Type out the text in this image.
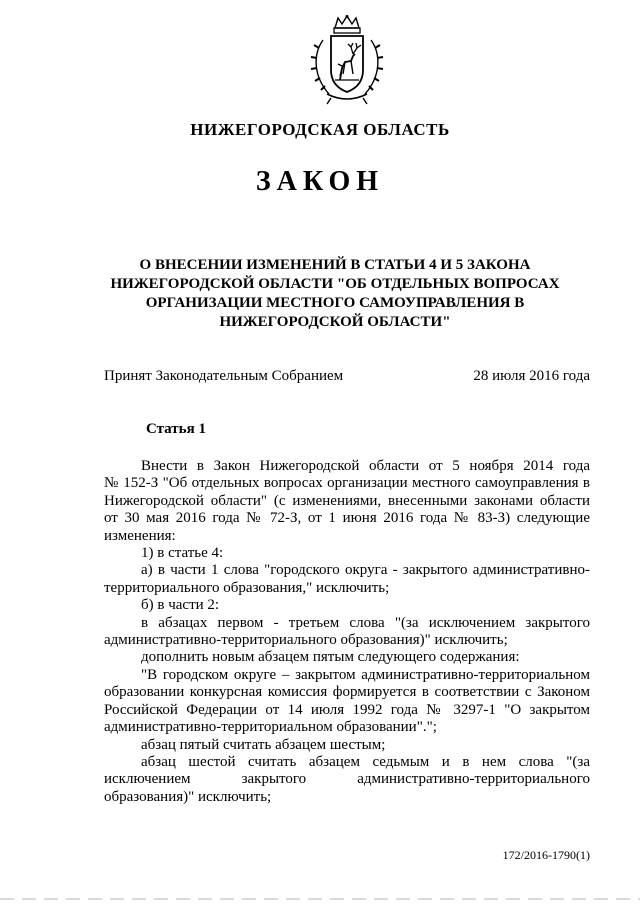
НИЖЕГОРОДСКАЯ ОБЛАСТЬ
ЗАКОН
О ВНЕСЕНИИ ИЗМЕНЕНИЙ В СТАТЬИ 4 И 5 ЗАКОНА
НИЖЕГОРОДСКОЙ ОБЛАСТИ "ОБ ОТДЕЛЬНЫХ ВОПРОСАХ
ОРГАНИЗАЦИИ МЕСТНОГО САМОУПРАВЛЕНИЯ В
НИЖЕГОРОДСКОЙ ОБЛАСТИ"
Принят Законодательным Собранием	28 июля 2016 года
Статья 1

Внести в Закон Нижегородской области от 5 ноября 2014 года

№ 152-З "Об отдельных вопросах организации местного самоуправления в

Нижегородской области" (с изменениями, внесенными законами области

от 30 мая 2016 года № 72-З, от 1 июня 2016 года № 83-З) следующие

изменения:

1) в статье 4:

а) в части 1 слова "городского округа - закрытого административно-

территориального образования," исключить;

б) в части 2:

в абзацах первом - третьем слова "(за исключением закрытого

административно-территориального образования)" исключить;

дополнить новым абзацем пятым следующего содержания:

"В городском округе – закрытом административно-территориальном

образовании конкурсная комиссия формируется в соответствии с Законом

Российской Федерации от 14 июля 1992 года № 3297-1 "О закрытом

административно-территориальном образовании".";

абзац пятый считать абзацем шестым;

абзац шестой считать абзацем седьмым и в нем слова "(за

исключением закрытого административно-территориального

образования)" исключить;

172/2016-1790(1)
